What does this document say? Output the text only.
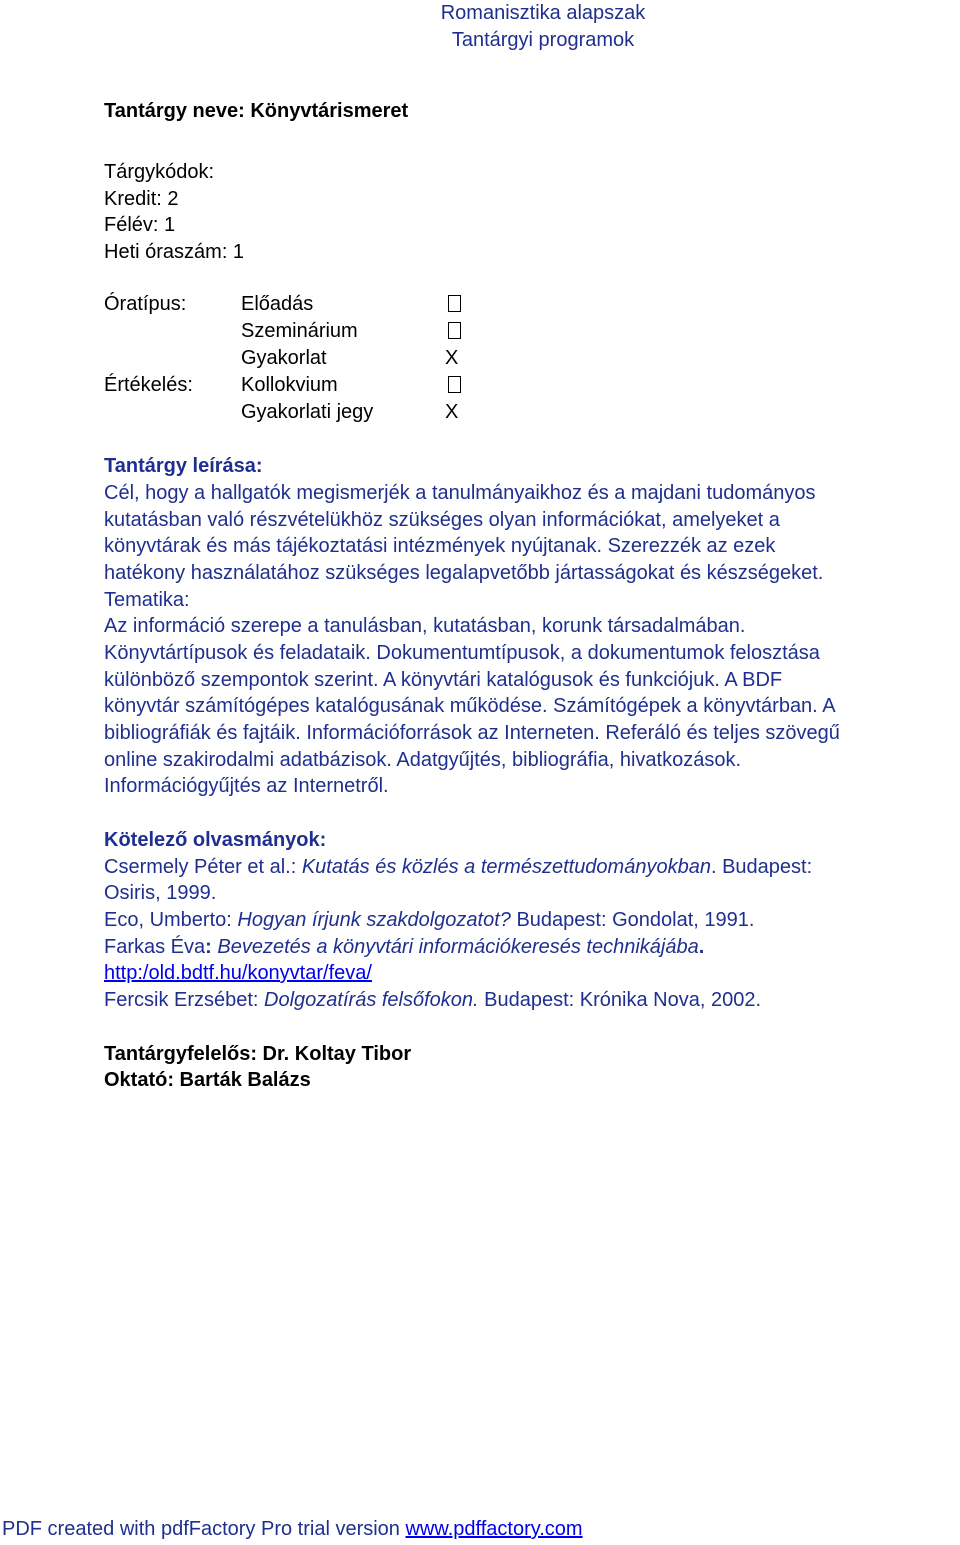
Romanisztika alapszak
Tantárgyi programok
Tantárgy neve: Könyvtárismeret
Tárgykódok:
Kredit: 2
Félév: 1
Heti óraszám: 1
Óratípus:
Értékelés:
Előadás
Szeminárium
Gyakorlat
Kollokvium
Gyakorlati jegy
X
X
Tantárgy leírása:
Cél, hogy a hallgatók megismerjék a tanulmányaikhoz és a majdani tudományos
kutatásban való részvételükhöz szükséges olyan információkat, amelyeket a
könyvtárak és más tájékoztatási intézmények nyújtanak. Szerezzék az ezek
hatékony használatához szükséges legalapvetőbb jártasságokat és készségeket.
Tematika:
Az információ szerepe a tanulásban, kutatásban, korunk társadalmában.
Könyvtártípusok és feladataik. Dokumentumtípusok, a dokumentumok felosztása
különböző szempontok szerint. A könyvtári katalógusok és funkciójuk. A BDF
könyvtár számítógépes katalógusának működése. Számítógépek a könyvtárban. A
bibliográfiák és fajtáik. Információforrások az Interneten. Referáló és teljes szövegű
online szakirodalmi adatbázisok. Adatgyűjtés, bibliográfia, hivatkozások.
Információgyűjtés az Internetről.
Kötelező olvasmányok:
Csermely Péter et al.: Kutatás és közlés a természettudományokban. Budapest:
Osiris, 1999.
Eco, Umberto: Hogyan írjunk szakdolgozatot? Budapest: Gondolat, 1991.
Farkas Éva: Bevezetés a könyvtári információkeresés technikájába.
http:/old.bdtf.hu/konyvtar/feva/
Fercsik Erzsébet: Dolgozatírás felsőfokon. Budapest: Krónika Nova, 2002.
Tantárgyfelelős: Dr. Koltay Tibor
Oktató: Barták Balázs
PDF created with pdfFactory Pro trial version www.pdffactory.com
